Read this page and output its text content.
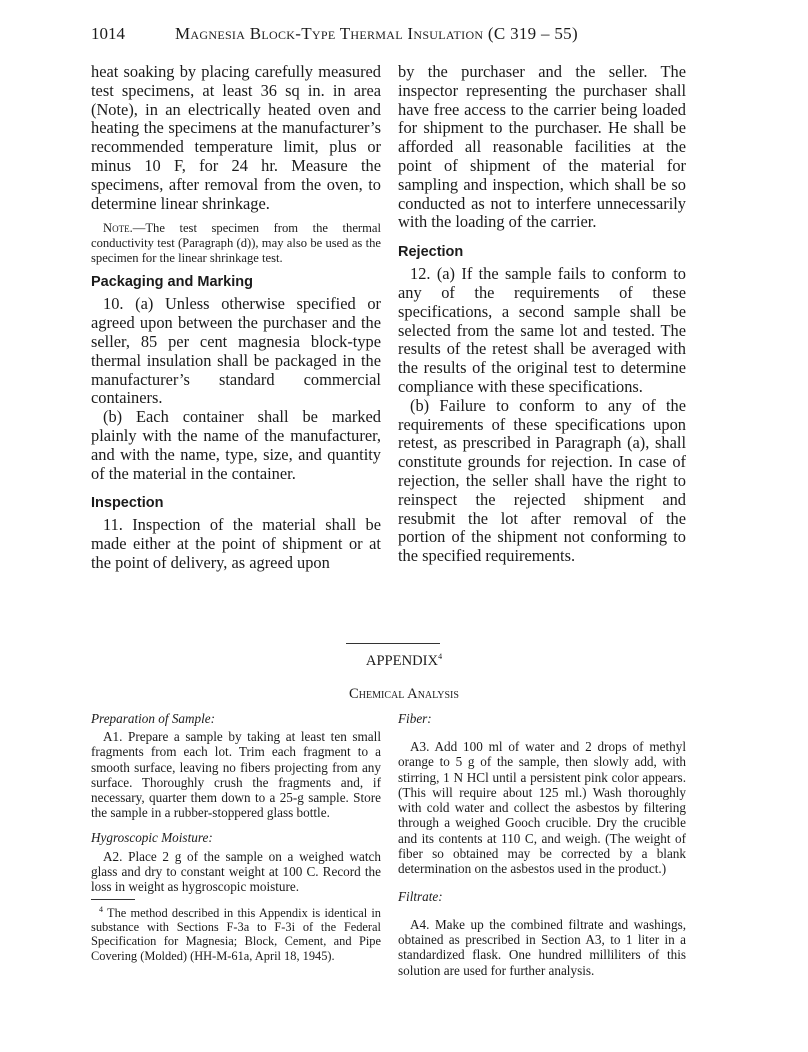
1014	Magnesia Block-Type Thermal Insulation (C 319 – 55)

heat soaking by placing carefully measured test specimens, at least 36 sq in. in area (Note), in an electrically heated oven and heating the specimens at the manufacturer’s recommended temperature limit, plus or minus 10 F, for 24 hr. Measure the specimens, after removal from the oven, to determine linear shrinkage.

Note.—The test specimen from the thermal conductivity test (Paragraph (d)), may also be used as the specimen for the linear shrinkage test.

Packaging and Marking

10. (a) Unless otherwise specified or agreed upon between the purchaser and the seller, 85 per cent magnesia block-type thermal insulation shall be packaged in the manufacturer’s standard commercial containers.

(b) Each container shall be marked plainly with the name of the manufacturer, and with the name, type, size, and quantity of the material in the container.

Inspection

11. Inspection of the material shall be made either at the point of shipment or at the point of delivery, as agreed upon

by the purchaser and the seller. The inspector representing the purchaser shall have free access to the carrier being loaded for shipment to the purchaser. He shall be afforded all reasonable facilities at the point of shipment of the material for sampling and inspection, which shall be so conducted as not to interfere unnecessarily with the loading of the carrier.

Rejection

12. (a) If the sample fails to conform to any of the requirements of these specifications, a second sample shall be selected from the same lot and tested. The results of the retest shall be averaged with the results of the original test to determine compliance with these specifications.

(b) Failure to conform to any of the requirements of these specifications upon retest, as prescribed in Paragraph (a), shall constitute grounds for rejection. In case of rejection, the seller shall have the right to reinspect the rejected shipment and resubmit the lot after removal of the portion of the shipment not conforming to the specified requirements.

APPENDIX$^4$
Chemical Analysis

Preparation of Sample:

A1. Prepare a sample by taking at least ten small fragments from each lot. Trim each fragment to a smooth surface, leaving no fibers projecting from any surface. Thoroughly crush the fragments and, if necessary, quarter them down to a 25-g sample. Store the sample in a rubber-stoppered glass bottle.

Hygroscopic Moisture:

A2. Place 2 g of the sample on a weighed watch glass and dry to constant weight at 100 C. Record the loss in weight as hygroscopic moisture.

$^4$ The method described in this Appendix is identical in substance with Sections F-3a to F-3i of the Federal Specification for Magnesia; Block, Cement, and Pipe Covering (Molded) (HH-M-61a, April 18, 1945).

Fiber:

A3. Add 100 ml of water and 2 drops of methyl orange to 5 g of the sample, then slowly add, with stirring, 1 N HCl until a persistent pink color appears. (This will require about 125 ml.) Wash thoroughly with cold water and collect the asbestos by filtering through a weighed Gooch crucible. Dry the crucible and its contents at 110 C, and weigh. (The weight of fiber so obtained may be corrected by a blank determination on the asbestos used in the product.)

Filtrate:

A4. Make up the combined filtrate and washings, obtained as prescribed in Section A3, to 1 liter in a standardized flask. One hundred milliliters of this solution are used for further analysis.
